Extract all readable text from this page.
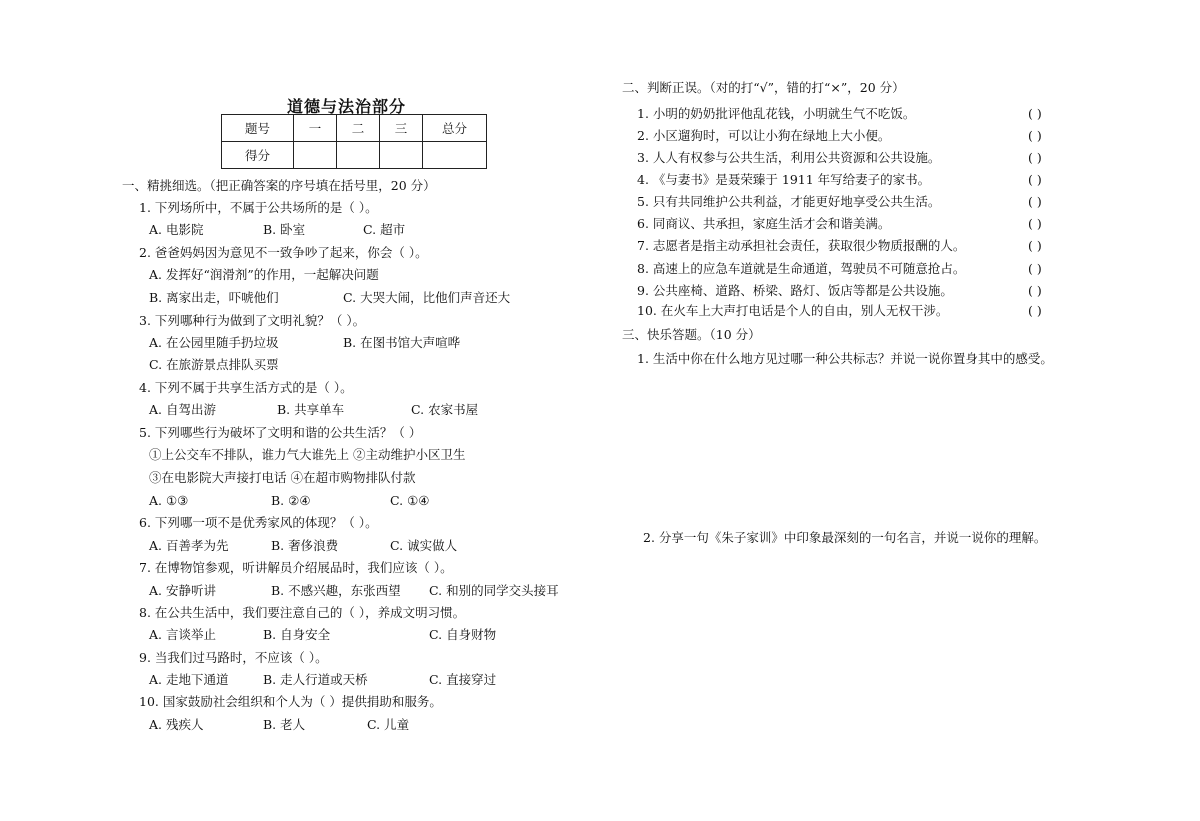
道德与法治部分
题号	一	二	三	总分
得分				
一、精挑细选。（把正确答案的序号填在括号里，20 分）
1. 下列场所中，不属于公共场所的是（ ）。
A. 电影院	B. 卧室	C. 超市
2. 爸爸妈妈因为意见不一致争吵了起来，你会（ ）。
A. 发挥好“润滑剂”的作用，一起解决问题
B. 离家出走，吓唬他们	C. 大哭大闹，比他们声音还大
3. 下列哪种行为做到了文明礼貌？（ ）。
A. 在公园里随手扔垃圾	B. 在图书馆大声喧哗
C. 在旅游景点排队买票
4. 下列不属于共享生活方式的是（ ）。
A. 自驾出游	B. 共享单车	C. 农家书屋
5. 下列哪些行为破坏了文明和谐的公共生活？（ ）
①上公交车不排队，谁力气大谁先上 ②主动维护小区卫生
③在电影院大声接打电话 ④在超市购物排队付款
A. ①③	B. ②④	C. ①④
6. 下列哪一项不是优秀家风的体现？（ ）。
A. 百善孝为先	B. 奢侈浪费	C. 诚实做人
7. 在博物馆参观，听讲解员介绍展品时，我们应该（ ）。
A. 安静听讲	B. 不感兴趣，东张西望 C. 和别的同学交头接耳
8. 在公共生活中，我们要注意自己的（ ），养成文明习惯。
A. 言谈举止	B. 自身安全	C. 自身财物
9. 当我们过马路时，不应该（ ）。
A. 走地下通道	B. 走人行道或天桥	C. 直接穿过
10. 国家鼓励社会组织和个人为（ ）提供捐助和服务。
A. 残疾人	B. 老人	C. 儿童
二、判断正误。（对的打“√”，错的打“×”，20 分）
1. 小明的奶奶批评他乱花钱，小明就生气不吃饭。	( )
2. 小区遛狗时，可以让小狗在绿地上大小便。	( )
3. 人人有权参与公共生活，利用公共资源和公共设施。	( )
4. 《与妻书》是聂荣臻于 1911 年写给妻子的家书。	( )
5. 只有共同维护公共利益，才能更好地享受公共生活。	( )
6. 同商议、共承担，家庭生活才会和谐美满。	( )
7. 志愿者是指主动承担社会责任，获取很少物质报酬的人。	( )
8. 高速上的应急车道就是生命通道，驾驶员不可随意抢占。	( )
9. 公共座椅、道路、桥梁、路灯、饭店等都是公共设施。	( )
10. 在火车上大声打电话是个人的自由，别人无权干涉。	( )
三、快乐答题。（10 分）
1. 生活中你在什么地方见过哪一种公共标志？并说一说你置身其中的感受。
2. 分享一句《朱子家训》中印象最深刻的一句名言，并说一说你的理解。
